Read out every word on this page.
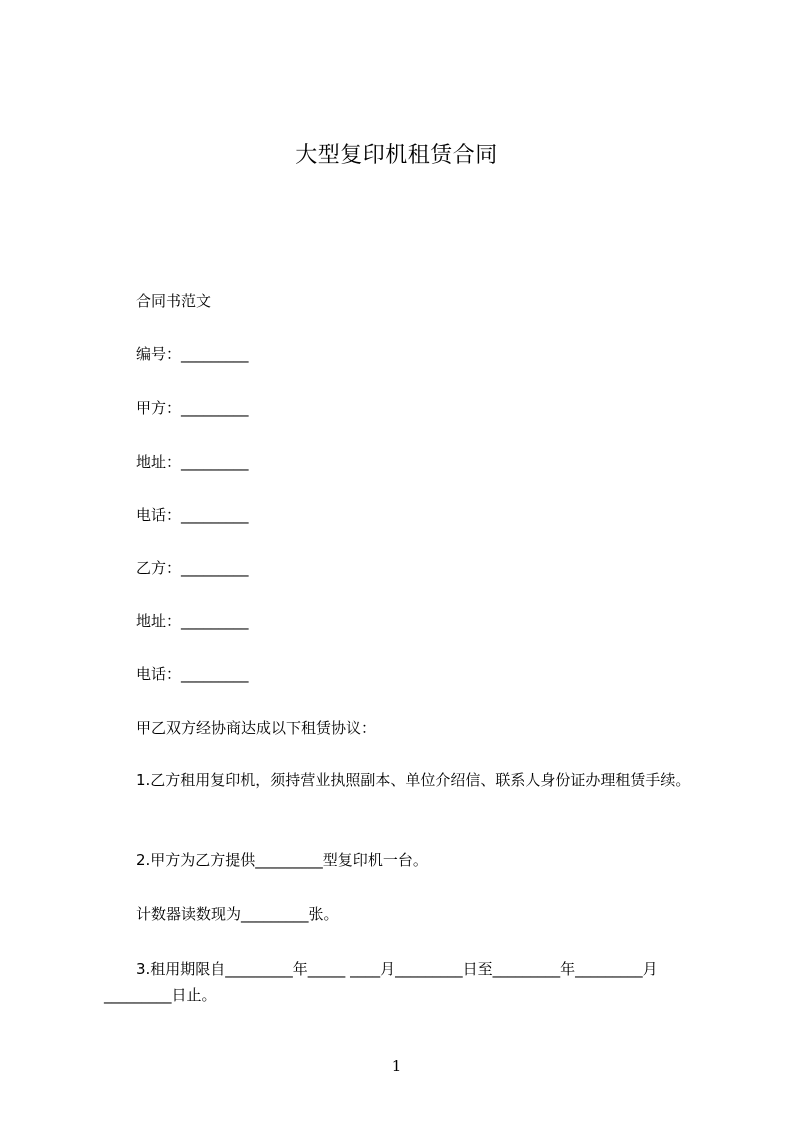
大型复印机租赁合同
合同书范文
编号：_________
甲方：_________
地址：_________
电话：_________
乙方：_________
地址：_________
电话：_________
甲乙双方经协商达成以下租赁协议：
1.乙方租用复印机，须持营业执照副本、单位介绍信、联系人身份证办理租赁手续。
2.甲方为乙方提供_________型复印机一台。
计数器读数现为_________张。
3.租用期限自_________年_____ ____月_________日至_________年_________月_________日止。
1
